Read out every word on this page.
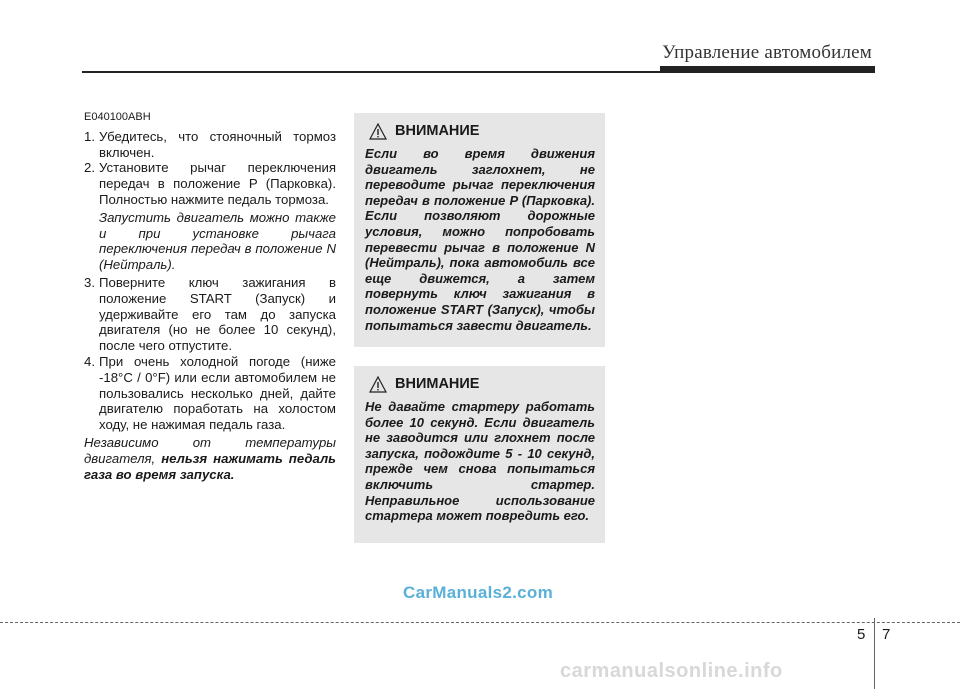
Управление автомобилем
E040100ABH
1. Убедитесь, что стояночный тормоз включен.
2. Установите рычаг переключения передач в положение P (Парковка). Полностью нажмите педаль тормоза.
Запустить двигатель можно также и при установке рычага переключения передач в положение N (Нейтраль).
3. Поверните ключ зажигания в положение START (Запуск) и удерживайте его там до запуска двигателя (но не более 10 секунд), после чего отпустите.
4. При очень холодной погоде (ниже -18°C / 0°F) или если автомобилем не пользовались несколько дней, дайте двигателю поработать на холостом ходу, не нажимая педаль газа.
Независимо от температуры двигателя, нельзя нажимать педаль газа во время запуска.
ВНИМАНИЕ
Если во время движения двигатель заглохнет, не переводите рычаг переключения передач в положение P (Парковка). Если позволяют дорожные условия, можно попробовать перевести рычаг в положение N (Нейтраль), пока автомобиль все еще движется, а затем повернуть ключ зажигания в положение START (Запуск), чтобы попытаться завести двигатель.
ВНИМАНИЕ
Не давайте стартеру работать более 10 секунд. Если двигатель не заводится или глохнет после запуска, подождите 5 - 10 секунд, прежде чем снова попытаться включить стартер. Неправильное использование стартера может повредить его.
CarManuals2.com
5 7
carmanualsonline.info
